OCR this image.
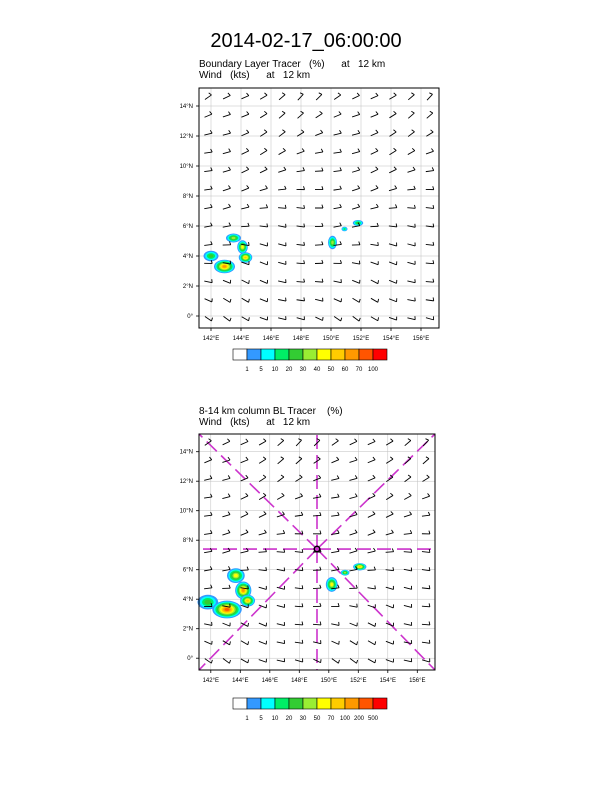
2014-02-17_06:00:00
Boundary Layer Tracer   (%)      at   12 km
Wind   (kts)      at   12 km
142°E 144°E 146°E 148°E 150°E 152°E 154°E 156°E
0°
2°N
4°N
6°N
8°N
10°N
12°N
14°N
1 5 10 20 30 40 50 60 70 100
8-14 km column BL Tracer    (%)
Wind   (kts)      at   12 km
142°E 144°E 146°E 148°E 150°E 152°E 154°E 156°E
0°
2°N
4°N
6°N
8°N
10°N
12°N
14°N
1 5 10 20 30 50 70 100 200 500
